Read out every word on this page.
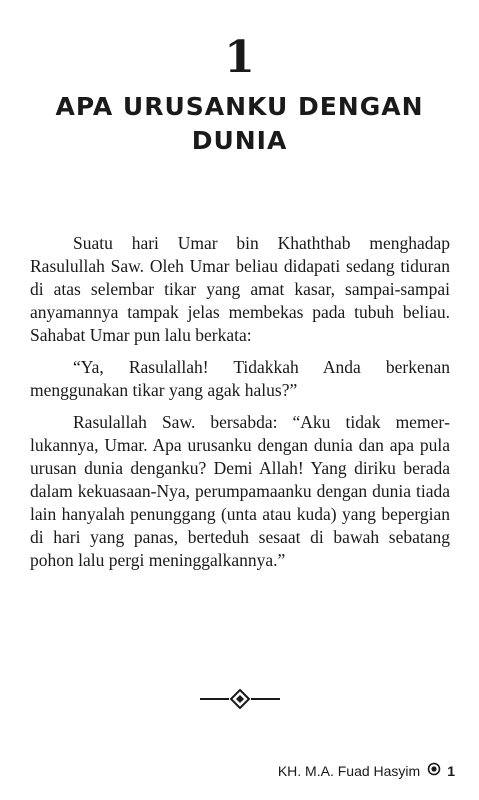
1
APA URUSANKU DENGAN
DUNIA

Suatu hari Umar bin Khaththab menghadap Rasulullah Saw. Oleh Umar beliau didapati sedang tiduran di atas selembar tikar yang amat kasar, sampai-sampai anyamannya tampak jelas membekas pada tubuh beliau. Sahabat Umar pun lalu berkata:

“Ya, Rasulallah! Tidakkah Anda berkenan menggunakan tikar yang agak halus?”

Rasulallah Saw. bersabda: “Aku tidak memerlukannya, Umar. Apa urusanku dengan dunia dan apa pula urusan dunia denganku? Demi Allah! Yang diriku berada dalam kekuasaan-Nya, perumpamaanku dengan dunia tiada lain hanyalah penunggang (unta atau kuda) yang bepergian di hari yang panas, berteduh sesaat di bawah sebatang pohon lalu pergi meninggalkannya.”

KH. M.A. Fuad Hasyim 1
